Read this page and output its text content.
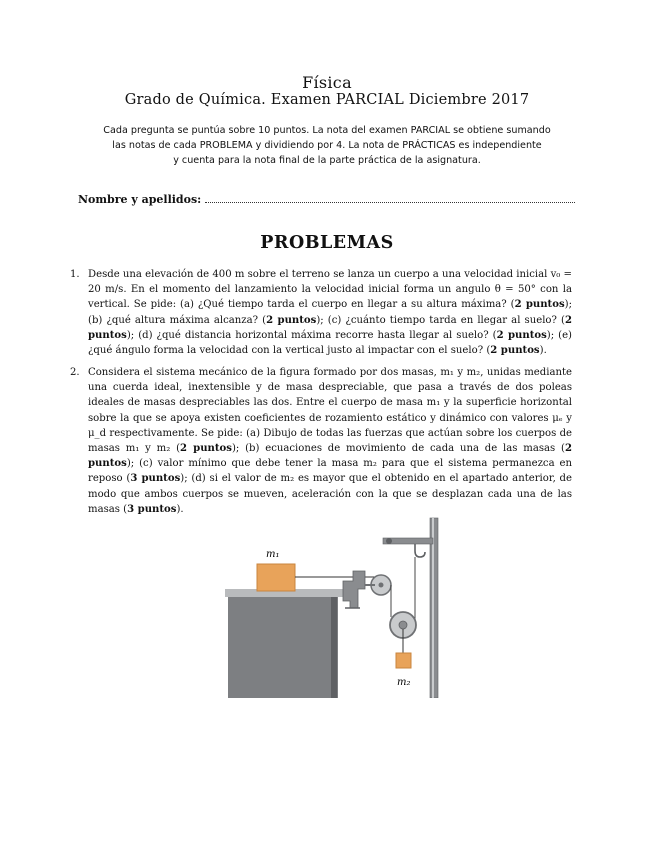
Física
Grado de Química. Examen PARCIAL Diciembre 2017
Cada pregunta se puntúa sobre 10 puntos. La nota del examen PARCIAL se obtiene sumando
las notas de cada PROBLEMA y dividiendo por 4. La nota de PRÁCTICAS es independiente
y cuenta para la nota final de la parte práctica de la asignatura.
Nombre y apellidos:
PROBLEMAS
1. Desde una elevación de 400 m sobre el terreno se lanza un cuerpo a una velocidad inicial v₀ = 20 m/s. En el momento del lanzamiento la velocidad inicial forma un angulo θ = 50° con la vertical. Se pide: (a) ¿Qué tiempo tarda el cuerpo en llegar a su altura máxima? (2 puntos); (b) ¿qué altura máxima alcanza? (2 puntos); (c) ¿cuánto tiempo tarda en llegar al suelo? (2 puntos); (d) ¿qué distancia horizontal máxima recorre hasta llegar al suelo? (2 puntos); (e) ¿qué ángulo forma la velocidad con la vertical justo al impactar con el suelo? (2 puntos).
2. Considera el sistema mecánico de la figura formado por dos masas, m₁ y m₂, unidas mediante una cuerda ideal, inextensible y de masa despreciable, que pasa a través de dos poleas ideales de masas despreciables las dos. Entre el cuerpo de masa m₁ y la superficie horizontal sobre la que se apoya existen coeficientes de rozamiento estático y dinámico con valores μₑ y μ_d respectivamente. Se pide: (a) Dibujo de todas las fuerzas que actúan sobre los cuerpos de masas m₁ y m₂ (2 puntos); (b) ecuaciones de movimiento de cada una de las masas (2 puntos); (c) valor mínimo que debe tener la masa m₂ para que el sistema permanezca en reposo (3 puntos); (d) si el valor de m₂ es mayor que el obtenido en el apartado anterior, de modo que ambos cuerpos se mueven, aceleración con la que se desplazan cada una de las masas (3 puntos).
m₁
m₂
